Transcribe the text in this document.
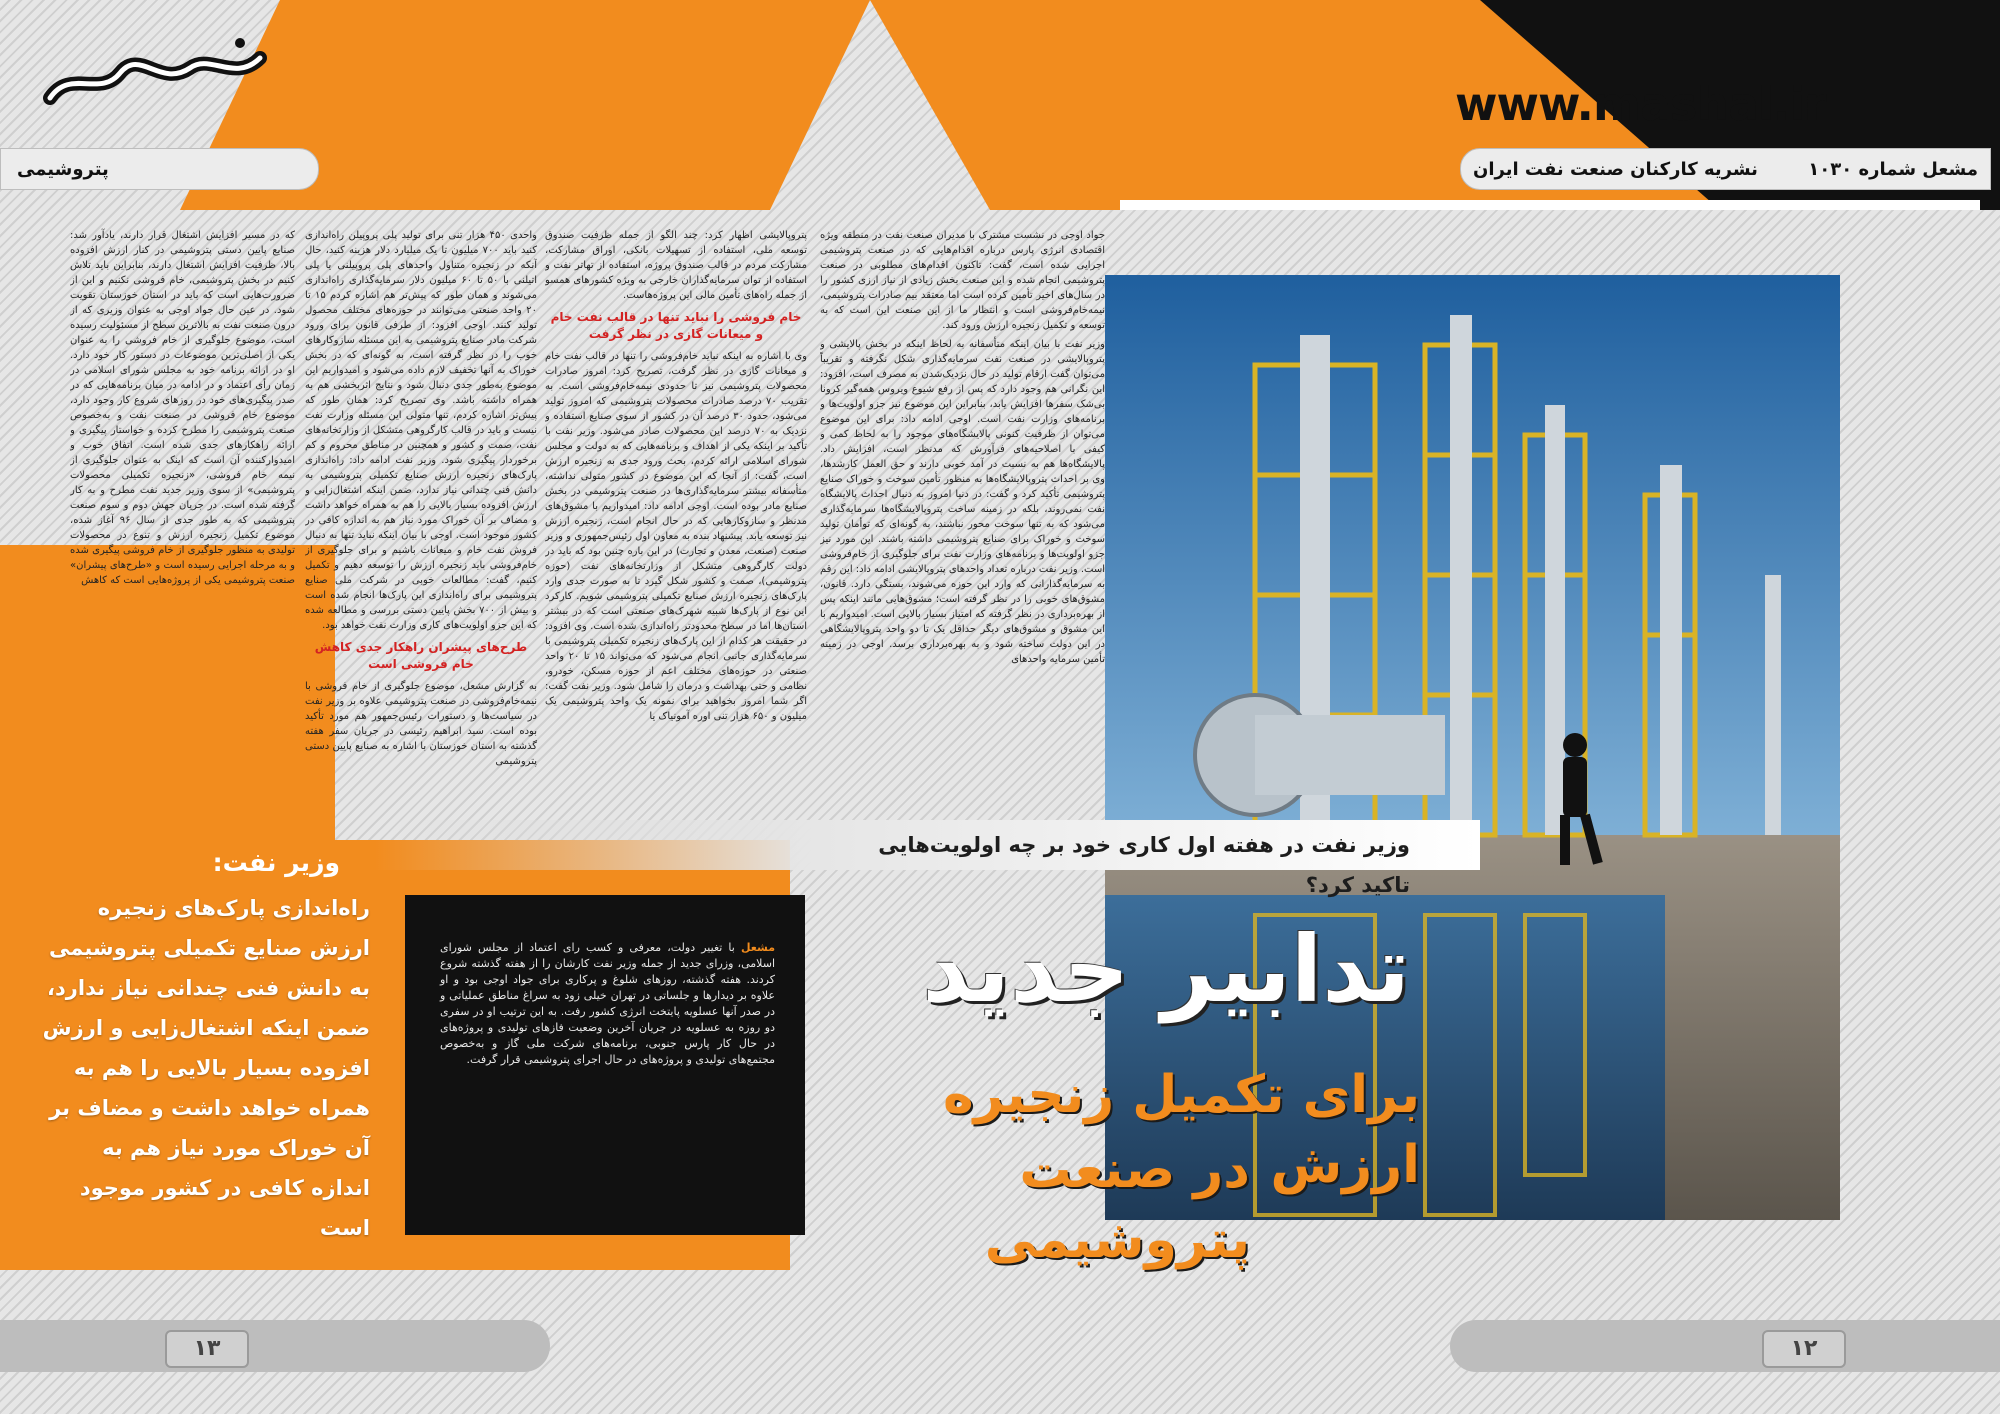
www.mashal.ir
پتروشیمی	نشریه کارکنان صنعت نفت ایران	مشعل شماره ۱۰۳۰

جواد اوجی در نشست مشترک با مدیران صنعت نفت در منطقه ویژه اقتصادی انرژی پارس درباره اقدام‌هایی که در صنعت پتروشیمی اجرایی شده است، گفت: تاکنون اقدام‌های مطلوبی در صنعت پتروشیمی انجام شده و این صنعت بخش زیادی از نیاز ارزی کشور را در سال‌های اخیر تأمین کرده است اما معتقد بیم صادرات پتروشیمی، نیمه‌خام‌فروشی است و انتظار ما از این صنعت این است که به توسعه و تکمیل زنجیره ارزش ورود کند.

وزیر نفت با بیان اینکه متأسفانه به لحاظ اینکه در بخش پالایشی و پتروپالایشی در صنعت نفت سرمایه‌گذاری شکل نگرفته و تقریباً می‌توان گفت ارقام تولید در حال نزدیک‌شدن به مصرف است، افزود: این نگرانی هم وجود دارد که پس از رفع شیوع ویروس همه‌گیر کرونا بی‌شک سفرها افزایش یابد، بنابراین این موضوع نیز جزو اولویت‌ها و برنامه‌های وزارت نفت است. اوجی ادامه داد: برای این موضوع می‌توان از ظرفیت کنونی پالایشگاه‌های موجود را به لحاظ کمی و کیفی با اصلاحیه‌های فرآورش که مدنظر است، افزایش داد. پالایشگاه‌ها هم به نسبت در آمد خوبی دارند و حق العمل کارشدها، وی بر احداث پتروپالایشگاه‌ها به منظور تأمین سوخت و خوراک صنایع پتروشیمی تأکید کرد و گفت: در دنیا امروز به دنبال احداث پالایشگاه نفت نمی‌روند، بلکه در زمینه ساخت پتروپالایشگاه‌ها سرمایه‌گذاری می‌شود که به تنها سوخت محور نباشند، به گونه‌ای که توأمان تولید سوخت و خوراک برای صنایع پتروشیمی داشته باشند. این مورد نیز جزو اولویت‌ها و برنامه‌های وزارت نفت برای جلوگیری از خام‌فروشی است. وزیر نفت درباره تعداد واحدهای پتروپالایشی ادامه داد: این رقم به سرمایه‌گذارانی که وارد این حوزه می‌شوند، بستگی دارد. قانون، مشوق‌های خوبی را در نظر گرفته است؛ مشوق‌هایی مانند اینکه پس از بهره‌برداری در نظر گرفته که امتیاز بسیار بالایی است. امیدواریم با این مشوق و مشوق‌های دیگر حداقل یک تا دو واحد پتروپالایشگاهی در این دولت ساخته شود و به بهره‌برداری برسد. اوجی در زمینه تأمین سرمایه واحدهای

پتروپالایشی اظهار کرد: چند الگو از جمله ظرفیت صندوق توسعه ملی، استفاده از تسهیلات بانکی، اوراق مشارکت، مشارکت مردم در قالب صندوق پروژه، استفاده از تهاتر نفت و استفاده از توان سرمایه‌گذاران خارجی به ویژه کشورهای همسو از جمله راه‌های تأمین مالی این پروژه‌هاست.

خام فروشی را نباید تنها در قالب نفت خام و میعانات گازی در نظر گرفت

وی با اشاره به اینکه نباید خام‌فروشی را تنها در قالب نفت خام و میعانات گازی در نظر گرفت، تصریح کرد: امروز صادرات محصولات پتروشیمی نیز تا حدودی نیمه‌خام‌فروشی است. به تقریب ۷۰ درصد صادرات محصولات پتروشیمی که امروز تولید می‌شود، حدود ۳۰ درصد آن در کشور از سوی صنایع استفاده و نزدیک به ۷۰ درصد این محصولات صادر می‌شود. وزیر نفت با تأکید بر اینکه یکی از اهداف و برنامه‌هایی که به دولت و مجلس شورای اسلامی ارائه کردم، بحث ورود جدی به زنجیره ارزش است، گفت: از آنجا که این موضوع در کشور متولی نداشته، متأسفانه بیشتر سرمایه‌گذاری‌ها در صنعت پتروشیمی در بخش صنایع مادر بوده است. اوجی ادامه داد: امیدواریم با مشوق‌های مدنظر و سازوکارهایی که در حال انجام است، زنجیره ارزش نیز توسعه یابد. پیشنهاد بنده به معاون اول رئیس‌جمهوری و وزیر صنعت (صنعت، معدن و تجارت) در این باره چنین بود که باید در دولت کارگروهی متشکل از وزارتخانه‌های نفت (حوزه پتروشیمی)، صمت و کشور شکل گیرد تا به صورت جدی وارد پارک‌های زنجیره ارزش صنایع تکمیلی پتروشیمی شویم. کارکرد این نوع از پارک‌ها شبیه شهرک‌های صنعتی است که در بیشتر استان‌ها اما در سطح محدودتر راه‌اندازی شده است. وی افزود: در حقیقت هر کدام از این پارک‌های زنجیره تکمیلی پتروشیمی با سرمایه‌گذاری جانبی انجام می‌شود که می‌تواند ۱۵ تا ۲۰ واحد صنعتی در حوزه‌های مختلف اعم از حوزه مسکن، خودرو، نظامی و حتی بهداشت و درمان را شامل شود. وزیر نفت گفت: اگر شما امروز بخواهید برای نمونه یک واحد پتروشیمی یک میلیون و ۶۵۰ هزار تنی اوره آمونیاک یا

واحدی ۴۵۰ هزار تنی برای تولید پلی پروپیلن راه‌اندازی کنید باید ۷۰۰ میلیون تا یک میلیارد دلار هزینه کنید، حال آنکه در زنجیره متناول واحدهای پلی پروپیلنی یا پلی اتیلنی با ۵۰ تا ۶۰ میلیون دلار سرمایه‌گذاری راه‌اندازی می‌شوند و همان طور که پیش‌تر هم اشاره کردم ۱۵ تا ۲۰ واحد صنعتی می‌توانند در حوزه‌های مختلف محصول تولید کنند. اوجی افزود: از طرفی قانون برای ورود شرکت مادر صنایع پتروشیمی به این مسئله سازوکارهای خوب را در نظر گرفته است، به گونه‌ای که در بخش خوراک به آنها تخفیف لازم داده می‌شود و امیدواریم این موضوع به‌طور جدی دنبال شود و نتایج اثربخشی هم به همراه داشته باشد. وی تصریح کرد: همان طور که پیش‌تر اشاره کردم، تنها متولی این مسئله وزارت نفت نیست و باید در قالب کارگروهی متشکل از وزارتخانه‌های نفت، صمت و کشور و همچنین در مناطق محروم و کم برخوردار پیگیری شود. وزیر نفت ادامه داد: راه‌اندازی پارک‌های زنجیره ارزش صنایع تکمیلی پتروشیمی به دانش فنی چندانی نیاز ندارد، ضمن اینکه اشتغال‌زایی و ارزش افزوده بسیار بالایی را هم به همراه خواهد داشت و مضاف بر آن خوراک مورد نیاز هم به اندازه کافی در کشور موجود است. اوجی با بیان اینکه نباید تنها به دنبال فروش نفت خام و میعانات باشیم و برای جلوگیری از خام‌فروشی باید زنجیره ارزش را توسعه دهیم و تکمیل کنیم، گفت: مطالعات خوبی در شرکت ملی صنایع پتروشیمی برای راه‌اندازی این پارک‌ها انجام شده است و بیش از ۷۰۰ بخش پایین دستی بررسی و مطالعه شده که این جزو اولویت‌های کاری وزارت نفت خواهد بود.

طرح‌های پیشران راهکار جدی کاهش خام فروشی است

به گزارش مشعل، موضوع جلوگیری از خام فروشی با نیمه‌خام‌فروشی در صنعت پتروشیمی علاوه بر وزیر نفت در سیاست‌ها و دستورات رئیس‌جمهور هم مورد تأکید بوده است. سید ابراهیم رئیسی در جریان سفر هفته گذشته به استان خوزستان با اشاره به صنایع پایین دستی پتروشیمی

که در مسیر افزایش اشتغال قرار دارند، یادآور شد: صنایع پایین دستی پتروشیمی در کنار ارزش افزوده بالا، ظرفیت افزایش اشتغال دارند، بنابراین باید تلاش کنیم در بخش پتروشیمی، خام فروشی نکنیم و این از ضرورت‌هایی است که باید در استان خوزستان تقویت شود. در عین حال جواد اوجی به عنوان وزیری که از درون صنعت نفت به بالاترین سطح از مسئولیت رسیده است، موضوع جلوگیری از خام فروشی را به عنوان یکی از اصلی‌ترین موضوعات در دستور کار خود دارد. او در ارائه برنامه خود به مجلس شورای اسلامی در زمان رأی اعتماد و در ادامه در میان برنامه‌هایی که در صدر پیگیری‌های خود در روزهای شروع کار وجود دارد، موضوع خام فروشی در صنعت نفت و به‌خصوص صنعت پتروشیمی را مطرح کرده و خواستار پیگیری و ارائه راهکارهای جدی شده است. اتفاق خوب و امیدوارکننده آن است که اینک به عنوان جلوگیری از نیمه خام فروشی، «زنجیره تکمیلی محصولات پتروشیمی» از سوی وزیر جدید نفت مطرح و به کار گرفته شده است. در جریان جهش دوم و سوم صنعت پتروشیمی که به طور جدی از سال ۹۶ آغاز شده، موضوع تکمیل زنجیره ارزش و تنوع در محصولات تولیدی به منظور جلوگیری از خام فروشی پیگیری شده و به مرحله اجرایی رسیده است و «طرح‌های پیشران» صنعت پتروشیمی یکی از پروژه‌هایی است که کاهش

وزیر نفت در هفته اول کاری خود بر چه اولویت‌هایی تاکید کرد؟
مشعل با تغییر دولت، معرفی و کسب رای اعتماد از مجلس شورای اسلامی، وزرای جدید از جمله وزیر نفت کارشان را از هفته گذشته شروع کردند. هفته گذشته، روزهای شلوغ و پرکاری برای جواد اوجی بود و او علاوه بر دیدارها و جلساتی در تهران خیلی زود به سراغ مناطق عملیاتی و در صدر آنها عسلویه پایتخت انرژی کشور رفت. به این ترتیب او در سفری دو روزه به عسلویه در جریان آخرین وضعیت فازهای تولیدی و پروژه‌های در حال کار پارس جنوبی، برنامه‌های شرکت ملی گاز و به‌خصوص مجتمع‌های تولیدی و پروژه‌های در حال اجرای پتروشیمی قرار گرفت.
تدابیر جدید
برای تکمیل زنجیره ارزش
در صنعت پتروشیمی
وزیر نفت:
راه‌اندازی پارک‌های زنجیره ارزش صنایع تکمیلی پتروشیمی به دانش فنی چندانی نیاز ندارد، ضمن اینکه اشتغال‌زایی و ارزش افزوده بسیار بالایی را هم به همراه خواهد داشت و مضاف بر آن خوراک مورد نیاز هم به اندازه کافی در کشور موجود است
۱۳	۱۲
